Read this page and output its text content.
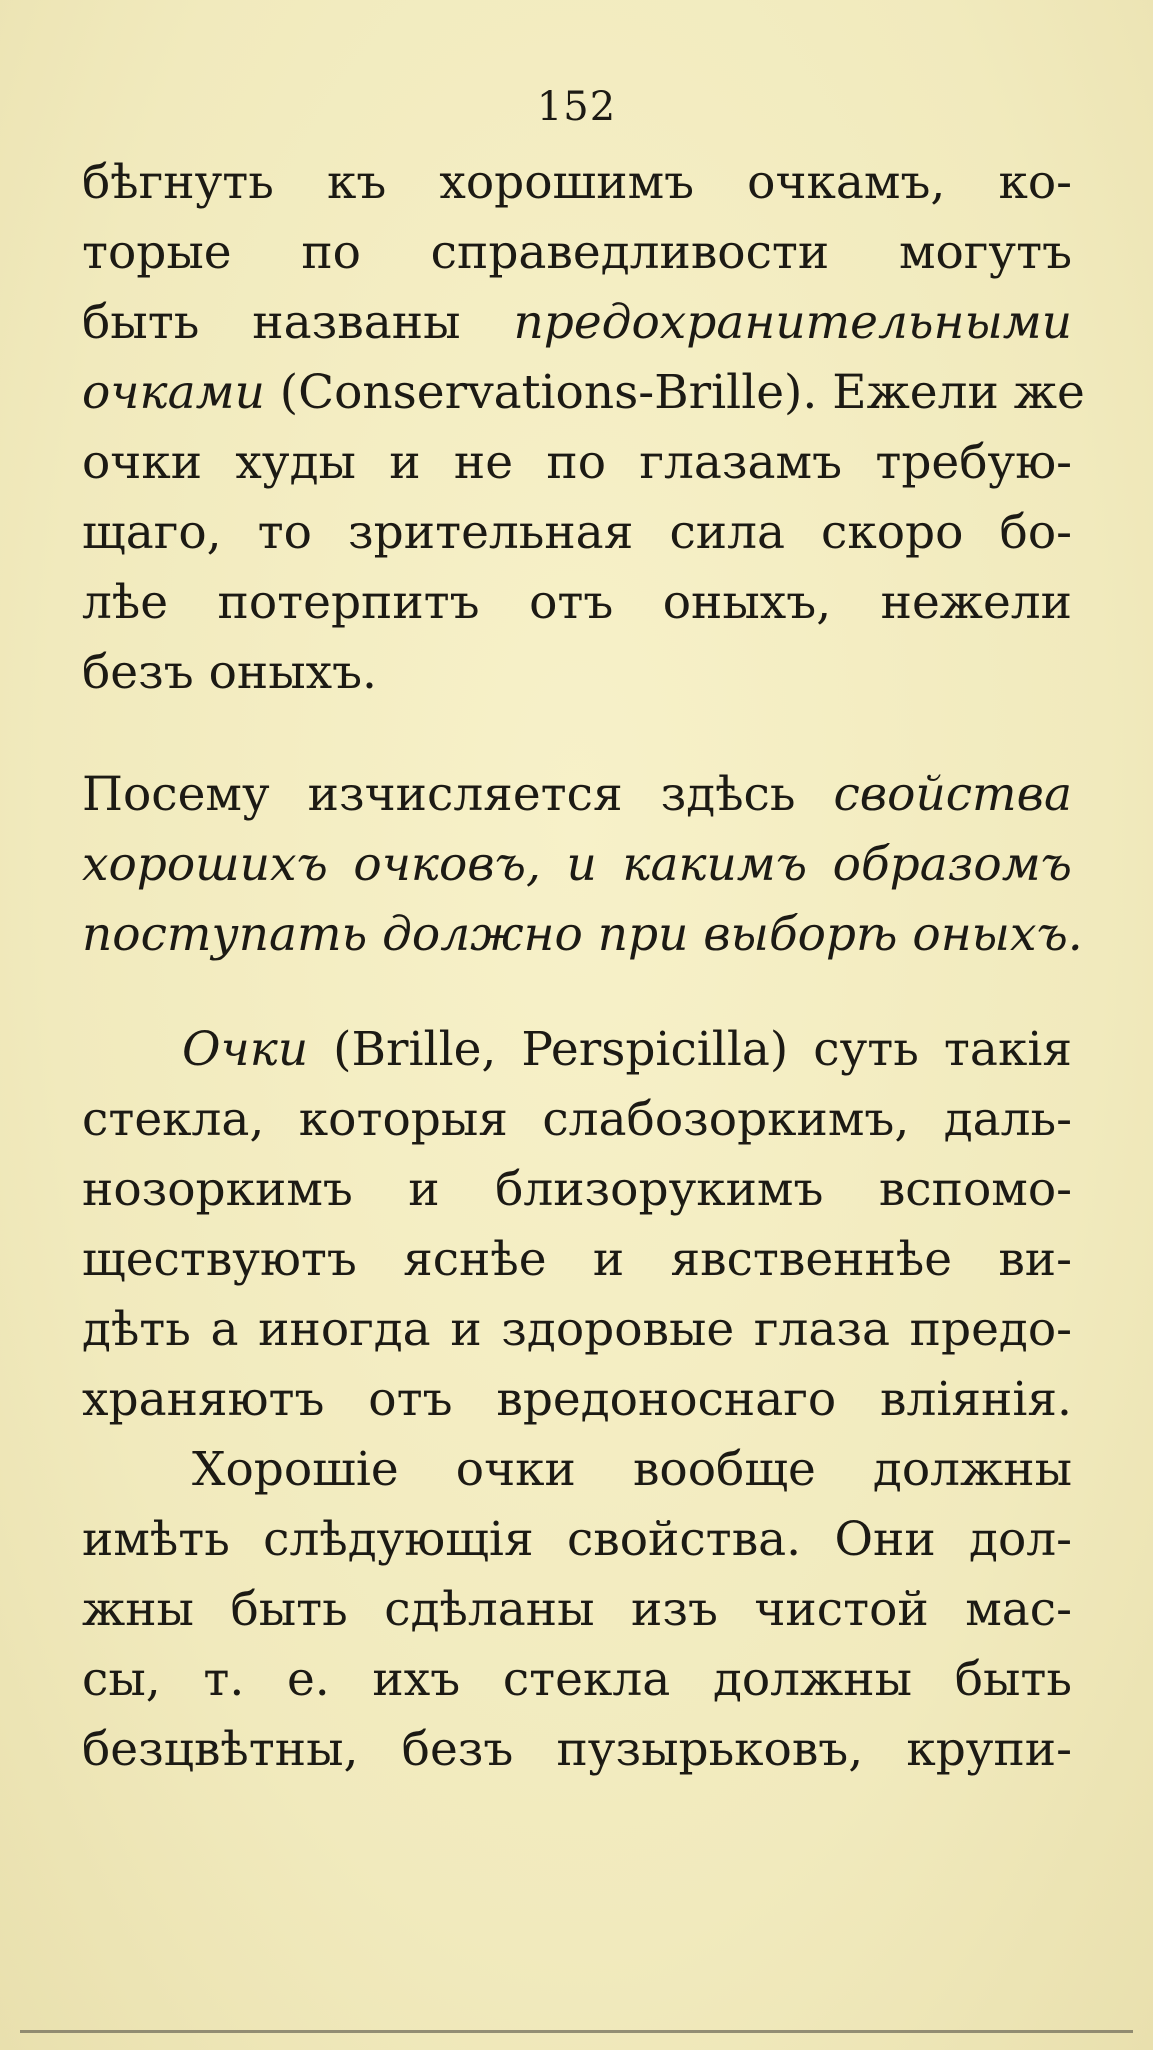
152
бѣгнуть къ хорошимъ очкамъ, ко-
торые по справедливости могутъ
быть названы предохранительными
очками (Conservations-Brille). Ежели же
очки худы и не по глазамъ требую-
щаго, то зрительная сила скоро бо-
лѣе потерпитъ отъ оныхъ, нежели
безъ оныхъ.
Посему изчисляется здѣсь свойства
хорошихъ очковъ, и какимъ образомъ
поступать должно при выборѣ оныхъ.
Очки (Brille, Perspicilla) суть такія
стекла, которыя слабозоркимъ, даль-
нозоркимъ и близорукимъ вспомо-
ществуютъ яснѣе и явственнѣе ви-
дѣть а иногда и здоровые глаза предо-
храняютъ отъ вредоноснаго вліянія.
Хорошіе очки вообще должны
имѣть слѣдующія свойства. Они дол-
жны быть сдѣланы изъ чистой мас-
сы, т. е. ихъ стекла должны быть
безцвѣтны, безъ пузырьковъ, крупи-
